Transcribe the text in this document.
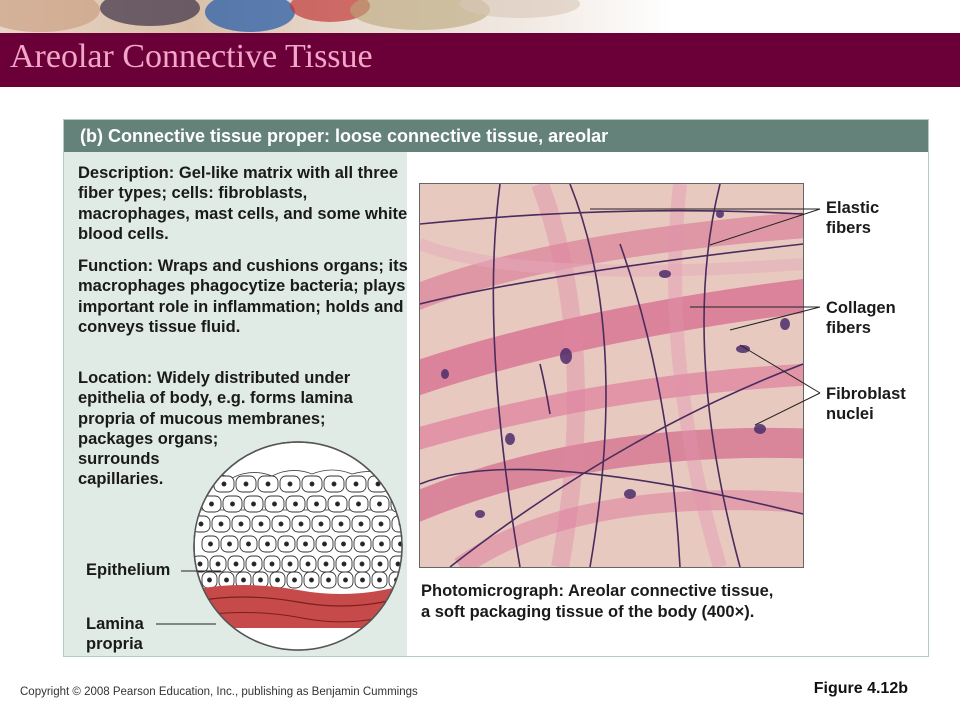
Areolar Connective Tissue
(b) Connective tissue proper: loose connective tissue, areolar
Description: Gel-like matrix with all three fiber types; cells: fibroblasts, macrophages, mast cells, and some white blood cells.
Function: Wraps and cushions organs; its macrophages phagocytize bacteria; plays important role in inflammation; holds and conveys tissue fluid.
Location: Widely distributed under
epithelia of body, e.g. forms lamina
propria of mucous membranes;
packages organs;
surrounds
capillaries.
Epithelium
Lamina
propria
Elastic
fibers
Collagen
fibers
Fibroblast
nuclei
Photomicrograph: Areolar connective tissue,
a soft packaging tissue of the body (400×).
Copyright © 2008 Pearson Education, Inc., publishing as Benjamin Cummings	Figure 4.12b
